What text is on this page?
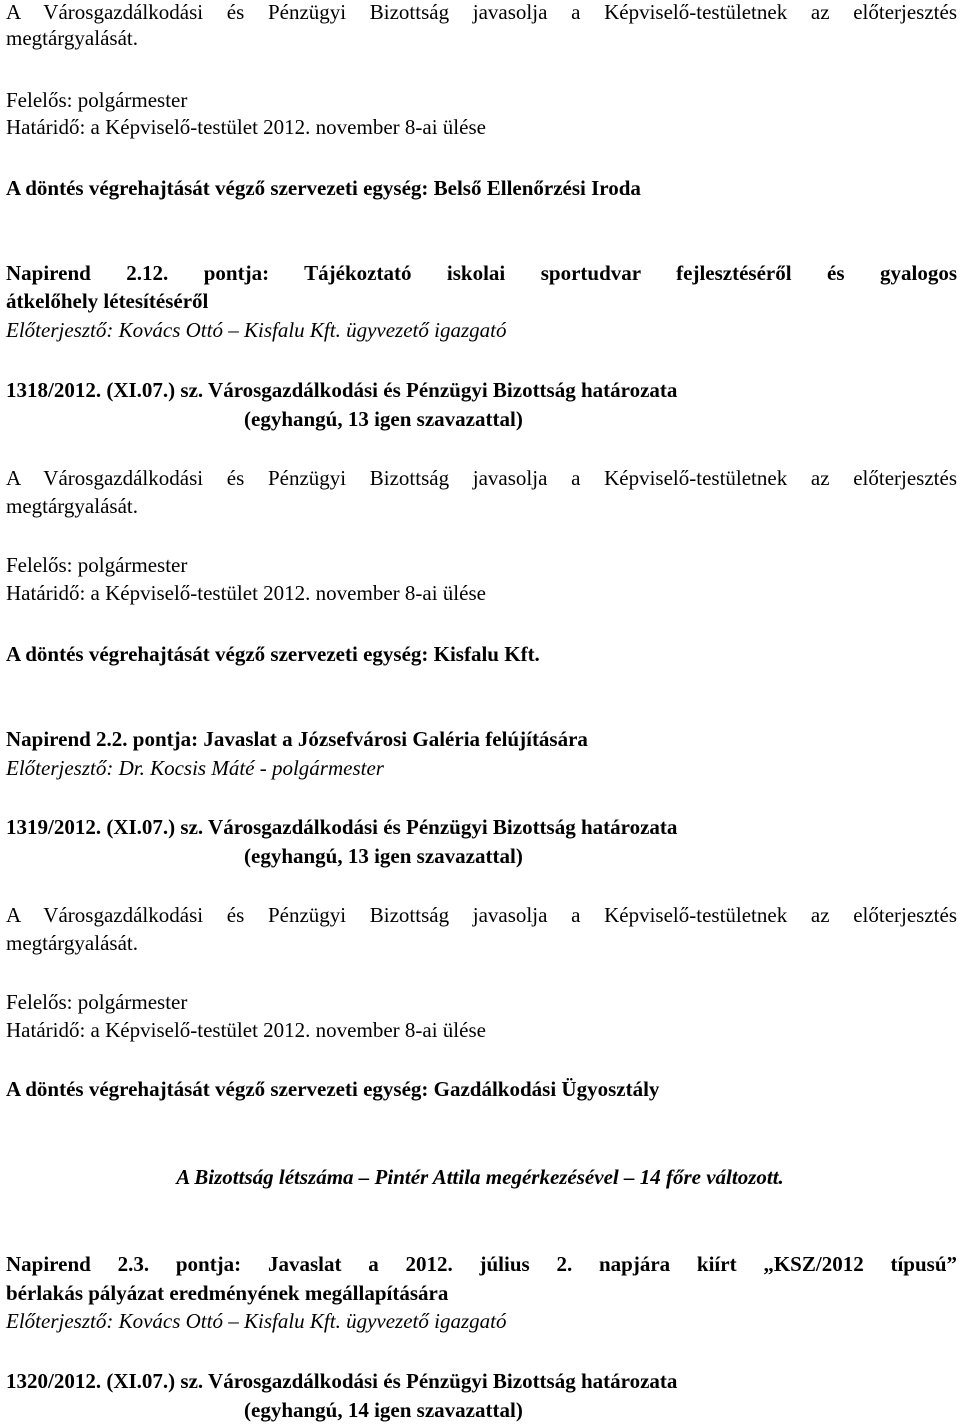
A Városgazdálkodási és Pénzügyi Bizottság javasolja a Képviselő-testületnek az előterjesztés
megtárgyalását.
Felelős: polgármester
Határidő: a Képviselő-testület 2012. november 8-ai ülése
A döntés végrehajtását végző szervezeti egység: Belső Ellenőrzési Iroda
Napirend 2.12. pontja: Tájékoztató iskolai sportudvar fejlesztéséről és gyalogos
átkelőhely létesítéséről
Előterjesztő: Kovács Ottó – Kisfalu Kft. ügyvezető igazgató
1318/2012. (XI.07.) sz. Városgazdálkodási és Pénzügyi Bizottság határozata
(egyhangú, 13 igen szavazattal)
A Városgazdálkodási és Pénzügyi Bizottság javasolja a Képviselő-testületnek az előterjesztés
megtárgyalását.
Felelős: polgármester
Határidő: a Képviselő-testület 2012. november 8-ai ülése
A döntés végrehajtását végző szervezeti egység: Kisfalu Kft.
Napirend 2.2. pontja: Javaslat a Józsefvárosi Galéria felújítására
Előterjesztő: Dr. Kocsis Máté - polgármester
1319/2012. (XI.07.) sz. Városgazdálkodási és Pénzügyi Bizottság határozata
(egyhangú, 13 igen szavazattal)
A Városgazdálkodási és Pénzügyi Bizottság javasolja a Képviselő-testületnek az előterjesztés
megtárgyalását.
Felelős: polgármester
Határidő: a Képviselő-testület 2012. november 8-ai ülése
A döntés végrehajtását végző szervezeti egység: Gazdálkodási Ügyosztály
A Bizottság létszáma – Pintér Attila megérkezésével – 14 főre változott.
Napirend 2.3. pontja: Javaslat a 2012. július 2. napjára kiírt „KSZ/2012 típusú”
bérlakás pályázat eredményének megállapítására
Előterjesztő: Kovács Ottó – Kisfalu Kft. ügyvezető igazgató
1320/2012. (XI.07.) sz. Városgazdálkodási és Pénzügyi Bizottság határozata
(egyhangú, 14 igen szavazattal)
